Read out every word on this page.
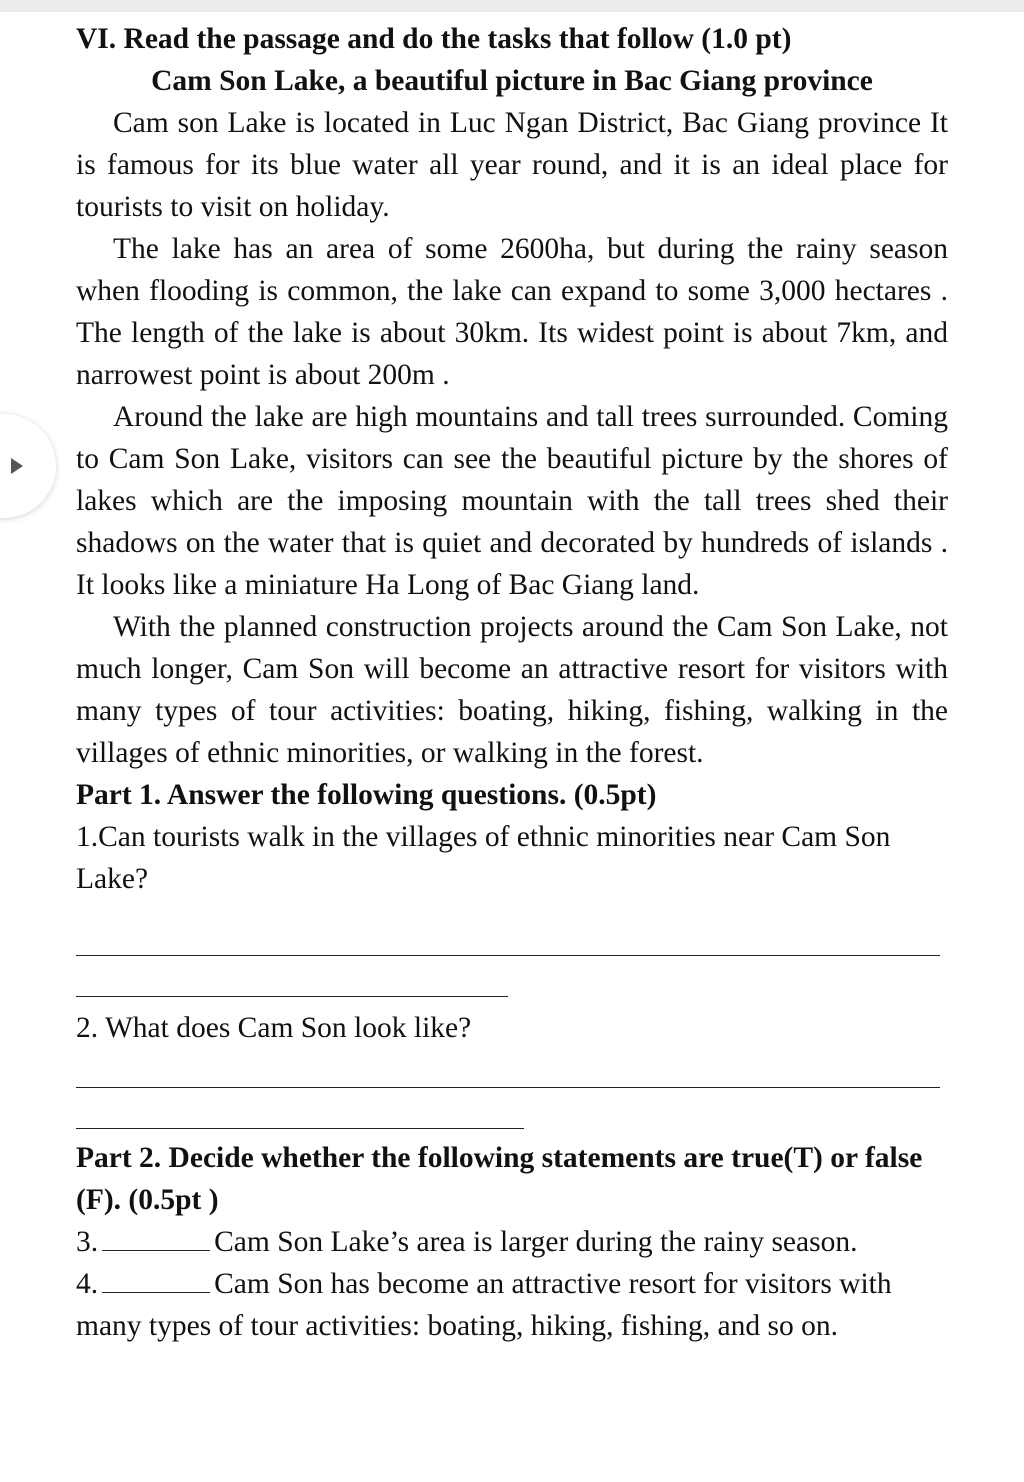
VI. Read the passage and do the tasks that follow (1.0 pt)

Cam Son Lake, a beautiful picture in Bac Giang province

Cam son Lake is located in Luc Ngan District, Bac Giang province It is famous for its blue water all year round, and it is an ideal place for tourists to visit on holiday.

The lake has an area of some 2600ha, but during the rainy season when flooding is common, the lake can expand to some 3,000 hectares . The length of the lake is about 30km. Its widest point is about 7km, and narrowest point is about 200m .

Around the lake are high mountains and tall trees surrounded. Coming to Cam Son Lake, visitors can see the beautiful picture by the shores of lakes which are the imposing mountain with the tall trees shed their shadows on the water that is quiet and decorated by hundreds of islands . It looks like a miniature Ha Long of Bac Giang land.

With the planned construction projects around the Cam Son Lake, not much longer, Cam Son will become an attractive resort for visitors with many types of tour activities: boating, hiking, fishing, walking in the villages of ethnic minorities, or walking in the forest.

Part 1. Answer the following questions. (0.5pt)

1.Can tourists walk in the villages of ethnic minorities near Cam Son Lake?

2. What does Cam Son look like?

Part 2. Decide whether the following statements are true(T) or false (F). (0.5pt )

3.	Cam Son Lake’s area is larger during the rainy season.

4.	Cam Son has become an attractive resort for visitors with many types of tour activities: boating, hiking, fishing, and so on.
